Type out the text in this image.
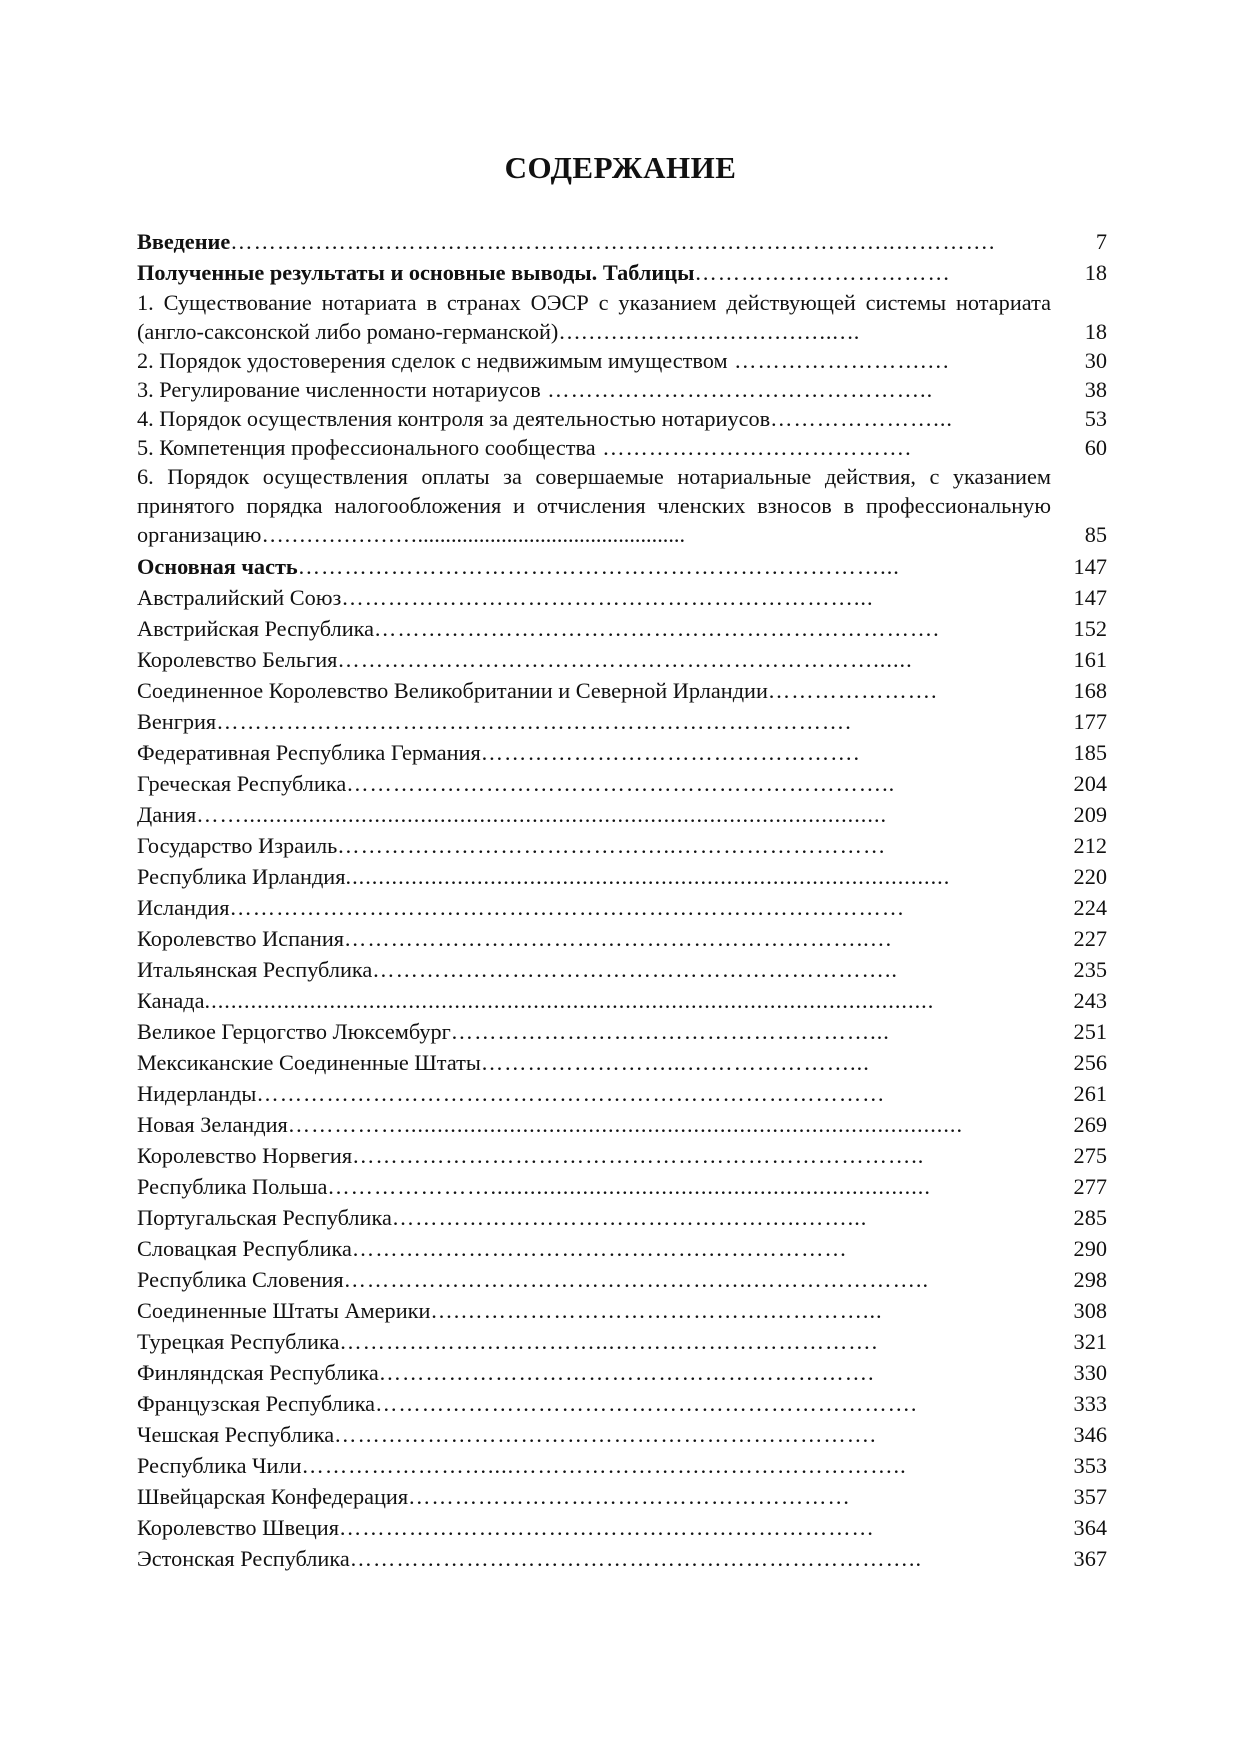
СОДЕРЖАНИЕ
Введение…………………………………………………………………………..………….	7
Полученные результаты и основные выводы. Таблицы……………………………	18
1. Существование нотариата в странах ОЭСР с указанием действующей системы нотариата (англо-саксонской либо романо-германской)……………………………….….	18
2. Порядок удостоверения сделок с недвижимым имуществом …………………….…	30
3. Регулирование численности нотариусов …………………………………………..	38
4. Порядок осуществления контроля за деятельностью нотариусов…………………...	53
5. Компетенция профессионального сообщества ………………………………….	60
6. Порядок осуществления оплаты за совершаемые нотариальные действия, с указанием принятого порядка налогообложения и отчисления членских взносов в профессиональную организацию…………………................................................	85
Основная часть…………………………………………………………………...	147
Австралийский Союз…………………………………………………………...	147
Австрийская Республика……………………………………………………………….	152
Королевство Бельгия……………………………………………………………......	161
Соединенное Королевство Великобритании и Северной Ирландии………………….	168
Венгрия……………………………………………………………………….	177
Федеративная Республика Германия………………………………………….	185
Греческая Республика……………………………………………………………..	204
Дания……..................................................................................................	209
Государство Израиль……………………………………..………………………	212
Республика Ирландия............................................................................................	220
Исландия……………………………………………………………………………	224
Королевство Испания…………………………………………………………..…	227
Итальянская Республика…………………………………………………………..	235
Канада...............................................................................................................	243
Великое Герцогство Люксембург………………………………………………...	251
Мексиканские Соединенные Штаты……………………...…………………...	256
Нидерланды………………………………………………………………………	261
Новая Зеландия…………….....................................................................................	269
Королевство Норвегия………………………………………………………………..	275
Республика Польша…………………...................................................................	277
Португальская Республика……………………………………………..……...	285
Словацкая Республика……………………………………….………………	290
Республика Словения……………………………………………..…………………..	298
Соединенные Штаты Америки….………………………………….…………...	308
Турецкая Республика……………………………...…………………………….	321
Финляндская Республика……………………………………………………….	330
Французская Республика…………………………………………………………….	333
Чешская Республика…………………………………………………………….	346
Республика Чили……………………....…………………….……………………..	353
Швейцарская Конфедерация…………………………………………………	357
Королевство Швеция……………………………………………………………	364
Эстонская Республика………………………………………………………………..	367
